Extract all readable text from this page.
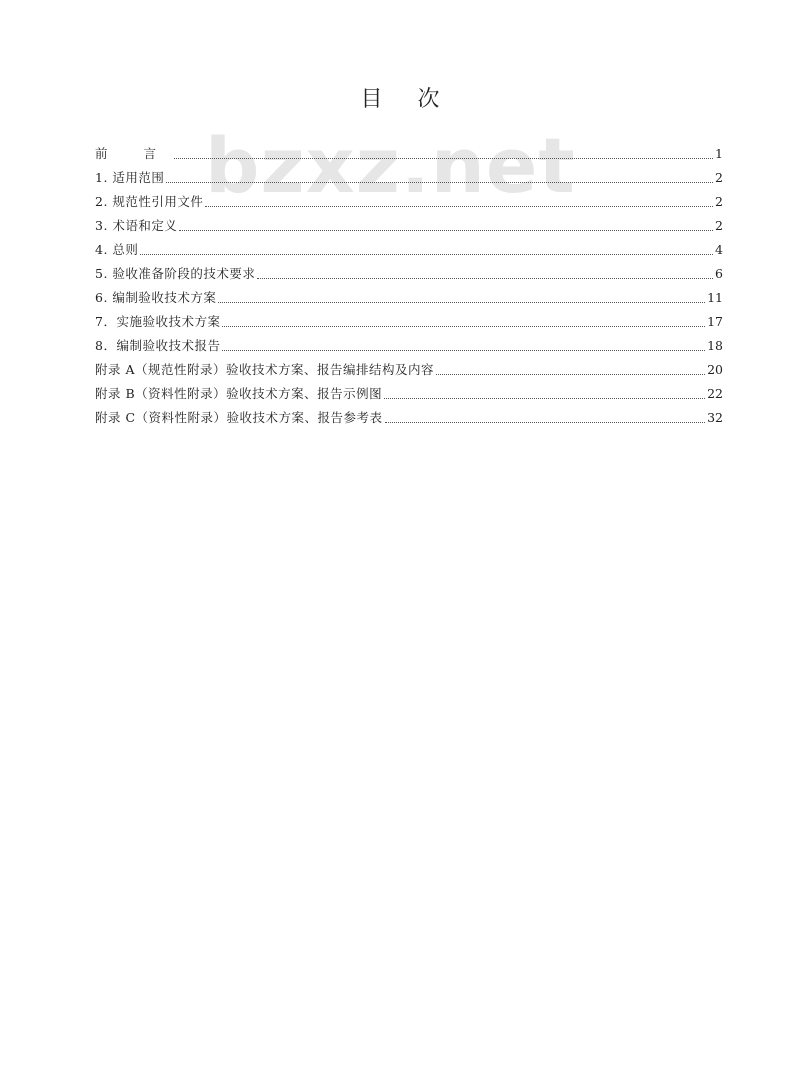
bzxz.net
目 次
前 言	1
1. 适用范围	2
2. 规范性引用文件	2
3. 术语和定义	2
4. 总则	4
5. 验收准备阶段的技术要求	6
6. 编制验收技术方案	11
7．实施验收技术方案	17
8．编制验收技术报告	18
附录 A（规范性附录）验收技术方案、报告编排结构及内容	20
附录 B（资料性附录）验收技术方案、报告示例图	22
附录 C（资料性附录）验收技术方案、报告参考表	32
